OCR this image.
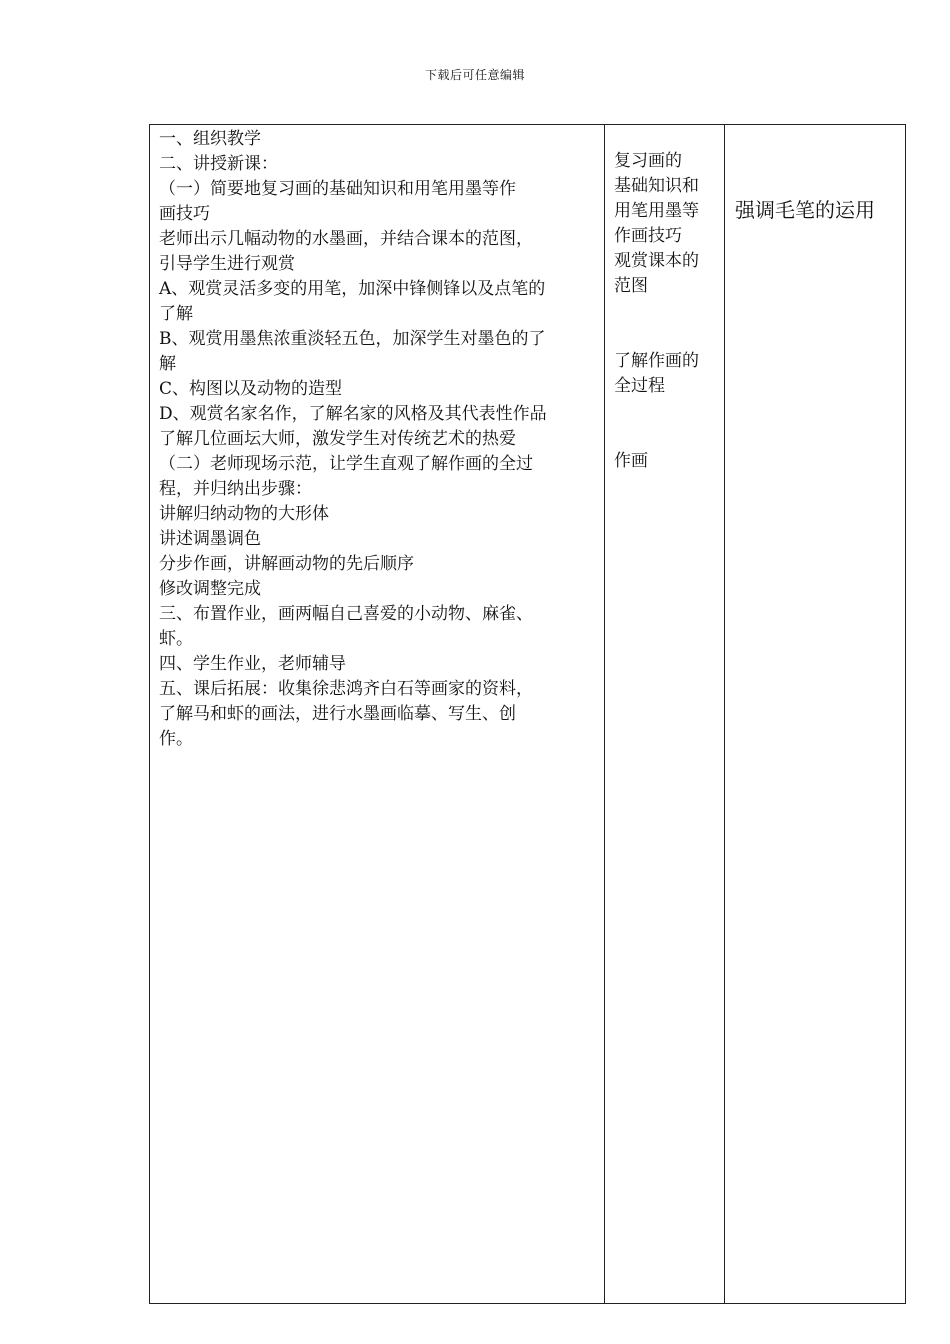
下载后可任意编辑
一、组织教学
二、讲授新课：
（一）简要地复习画的基础知识和用笔用墨等作
画技巧
老师出示几幅动物的水墨画，并结合课本的范图，
引导学生进行观赏
A、观赏灵活多变的用笔，加深中锋侧锋以及点笔的
了解
B、观赏用墨焦浓重淡轻五色，加深学生对墨色的了
解
C、构图以及动物的造型
D、观赏名家名作，了解名家的风格及其代表性作品
了解几位画坛大师，激发学生对传统艺术的热爱
（二）老师现场示范，让学生直观了解作画的全过
程，并归纳出步骤：
讲解归纳动物的大形体
讲述调墨调色
分步作画，讲解画动物的先后顺序
修改调整完成
三、布置作业，画两幅自己喜爱的小动物、麻雀、
虾。
四、学生作业，老师辅导
五、课后拓展：收集徐悲鸿齐白石等画家的资料，
了解马和虾的画法，进行水墨画临摹、写生、创
作。
复习画的
基础知识和
用笔用墨等
作画技巧
观赏课本的
范图
了解作画的
全过程
作画
强调毛笔的运用
